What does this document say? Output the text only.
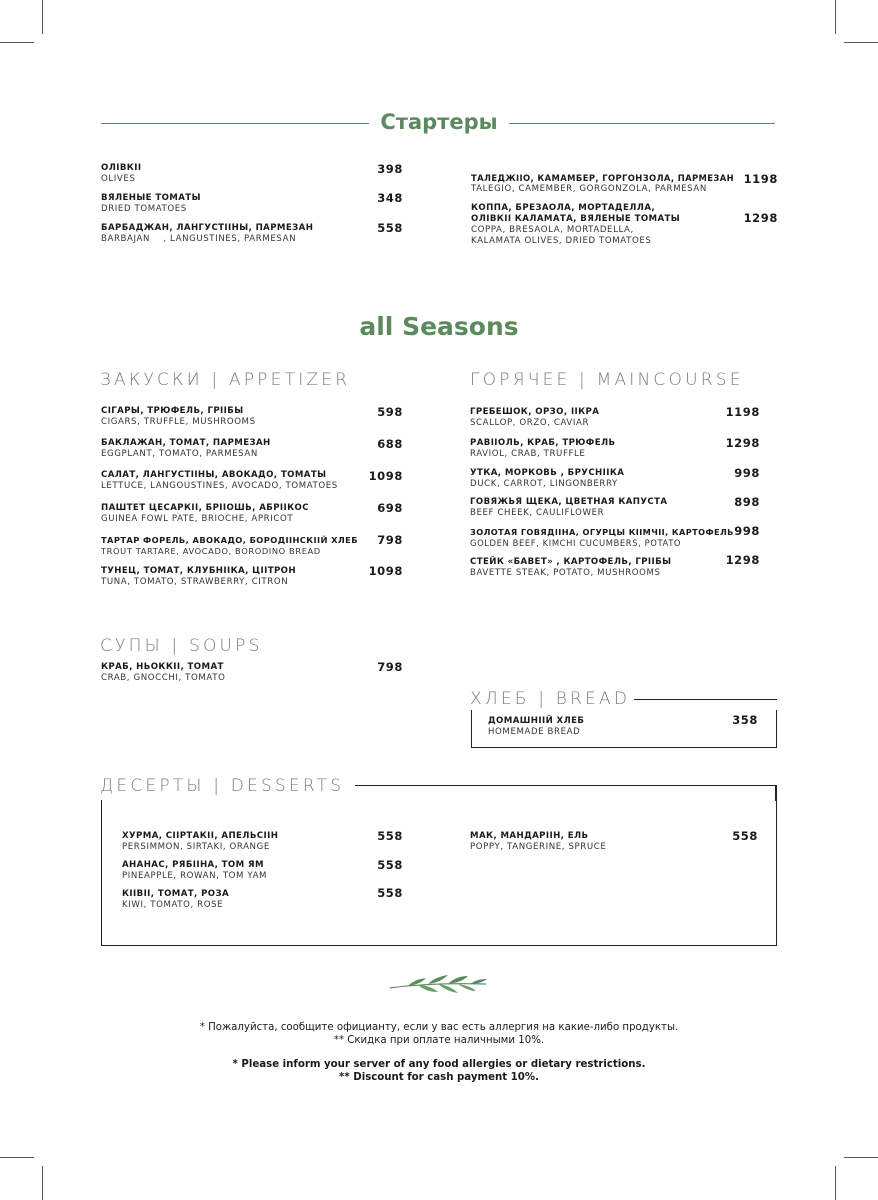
Стартеры
ОЛІВКІІ
OLIVES
398
ВЯЛЕНЫЕ ТОМАТЫ
DRIED TOMATOES
348
БАРБАДЖАН, ЛАНГУСТІІНЫ, ПАРМЕЗАН
BARBAJAN    , LANGUSTINES, PARMESAN
558
ТАЛЕДЖІІО, КАМАМБЕР, ГОРГОНЗОЛА, ПАРМЕЗАН
TALEGIO, CAMEMBER, GORGONZOLA, PARMESAN
1198
КОППА, БРЕЗАОЛА, МОРТАДЕЛЛА,
ОЛІВКІІ КАЛАМАТА, ВЯЛЕНЫЕ ТОМАТЫ
COPPA, BRESAOLA, MORTADELLA,
KALAMATA OLIVES, DRIED TOMATOES
1298
all Seasons
ЗАКУСКИ | APPETIZER
СІГАРЫ, ТРЮФЕЛЬ, ГРІІБЫ
CIGARS, TRUFFLE, MUSHROOMS
598
БАКЛАЖАН, ТОМАТ, ПАРМЕЗАН
EGGPLANT, TOMATO, PARMESAN
688
САЛАТ, ЛАНГУСТІІНЫ, АВОКАДО, ТОМАТЫ
LETTUCE, LANGOUSTINES, AVOCADO, TOMATOES
1098
ПАШТЕТ ЦЕСАРКІІ, БРІІОШЬ, АБРІІКОС
GUINEA FOWL PATE, BRIOCHE, APRICOT
698
ТАРТАР ФОРЕЛЬ, АВОКАДО, БОРОДІІНСКІІЙ ХЛЕБ
TROUT TARTARE, AVOCADO, BORODINO BREAD
798
ТУНЕЦ, ТОМАТ, КЛУБНІІКА, ЦІІТРОН
TUNA, TOMATO, STRAWBERRY, CITRON
1098
ГОРЯЧЕЕ | MAINCOURSE
ГРЕБЕШОК, ОРЗО, ІІКРА
SCALLOP, ORZO, CAVIAR
1198
РАВІІОЛЬ, КРАБ, ТРЮФЕЛЬ
RAVIOL, CRAB, TRUFFLE
1298
УТКА, МОРКОВЬ , БРУСНІІКА
DUCK, CARROT, LINGONBERRY
998
ГОВЯЖЬЯ ЩЕКА, ЦВЕТНАЯ КАПУСТА
BEEF CHEEK, CAULIFLOWER
898
ЗОЛОТАЯ ГОВЯДІІНА, ОГУРЦЫ КІІМЧІІ, КАРТОФЕЛЬ
GOLDEN BEEF, KIMCHI CUCUMBERS, POTATO
998
СТЕЙК «БАВЕТ» , КАРТОФЕЛЬ, ГРІІБЫ
BAVETTE STEAK, POTATO, MUSHROOMS
1298
СУПЫ | SOUPS
КРАБ, НЬОККІІ, ТОМАТ
CRAB, GNOCCHI, TOMATO
798
ХЛЕБ | BREAD
ДОМАШНІІЙ ХЛЕБ
HOMEMADE BREAD
358
ДЕСЕРТЫ | DESSERTS
ХУРМА, СІІРТАКІІ, АПЕЛЬСІІН
PERSIMMON, SIRTAKI, ORANGE
558
АНАНАС, РЯБІІНА, ТОМ ЯМ
PINEAPPLE, ROWAN, TOM YAM
558
КІІВІІ, ТОМАТ, РОЗА
KIWI, TOMATO, ROSE
558
МАК, МАНДАРІІН, ЕЛЬ
POPPY, TANGERINE, SPRUCE
558
* Пожалуйста, сообщите официанту, если у вас есть аллергия на какие-либо продукты.
** Скидка при оплате наличными 10%.
* Please inform your server of any food allergies or dietary restrictions.
** Discount for cash payment 10%.
